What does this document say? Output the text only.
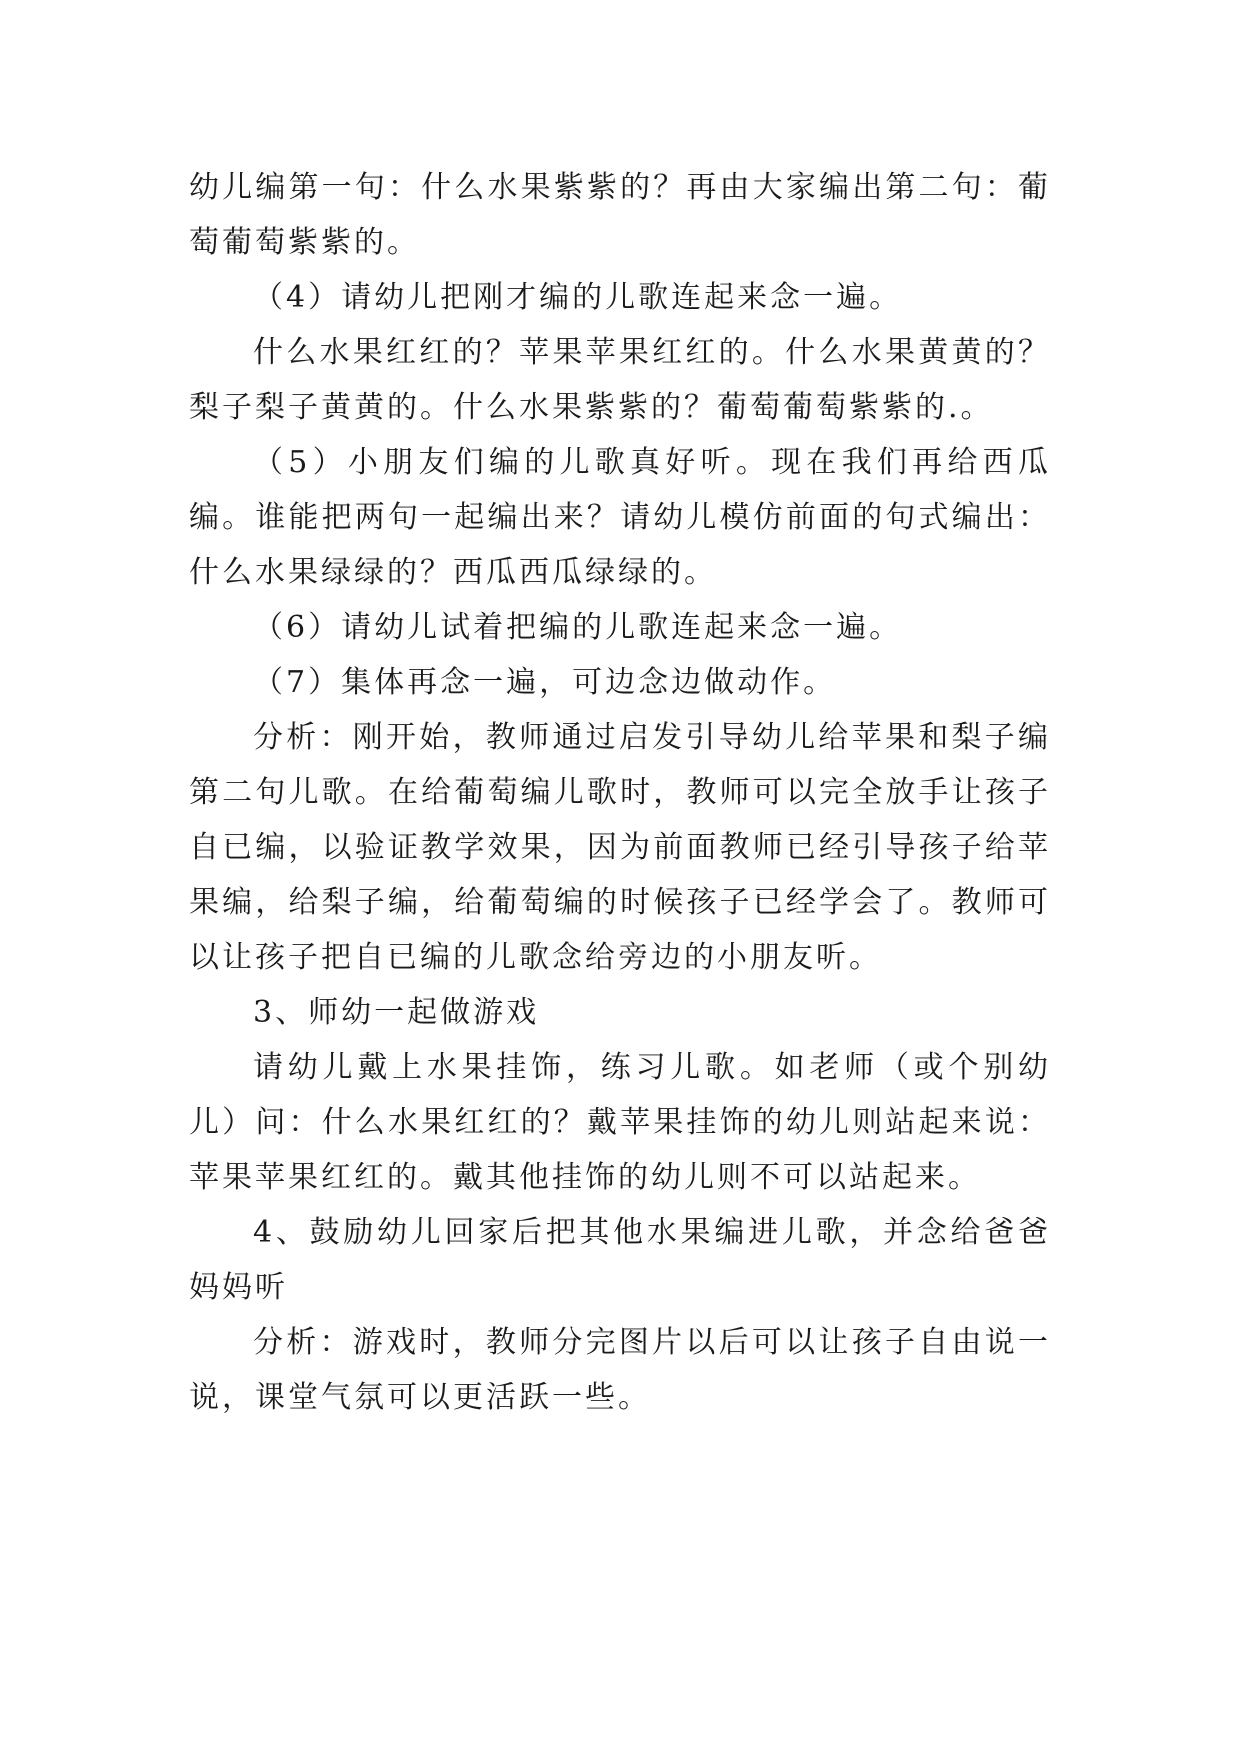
幼儿编第一句：什么水果紫紫的？再由大家编出第二句：葡萄葡萄紫紫的。

（4）请幼儿把刚才编的儿歌连起来念一遍。

什么水果红红的？苹果苹果红红的。什么水果黄黄的？梨子梨子黄黄的。什么水果紫紫的？葡萄葡萄紫紫的.。

（5）小朋友们编的儿歌真好听。现在我们再给西瓜编。谁能把两句一起编出来？请幼儿模仿前面的句式编出：什么水果绿绿的？西瓜西瓜绿绿的。

（6）请幼儿试着把编的儿歌连起来念一遍。

（7）集体再念一遍，可边念边做动作。

分析：刚开始，教师通过启发引导幼儿给苹果和梨子编第二句儿歌。在给葡萄编儿歌时，教师可以完全放手让孩子自已编，以验证教学效果，因为前面教师已经引导孩子给苹果编，给梨子编，给葡萄编的时候孩子已经学会了。教师可以让孩子把自已编的儿歌念给旁边的小朋友听。

3、师幼一起做游戏

请幼儿戴上水果挂饰，练习儿歌。如老师（或个别幼儿）问：什么水果红红的？戴苹果挂饰的幼儿则站起来说：苹果苹果红红的。戴其他挂饰的幼儿则不可以站起来。

4、鼓励幼儿回家后把其他水果编进儿歌，并念给爸爸妈妈听

分析：游戏时，教师分完图片以后可以让孩子自由说一说，课堂气氛可以更活跃一些。
